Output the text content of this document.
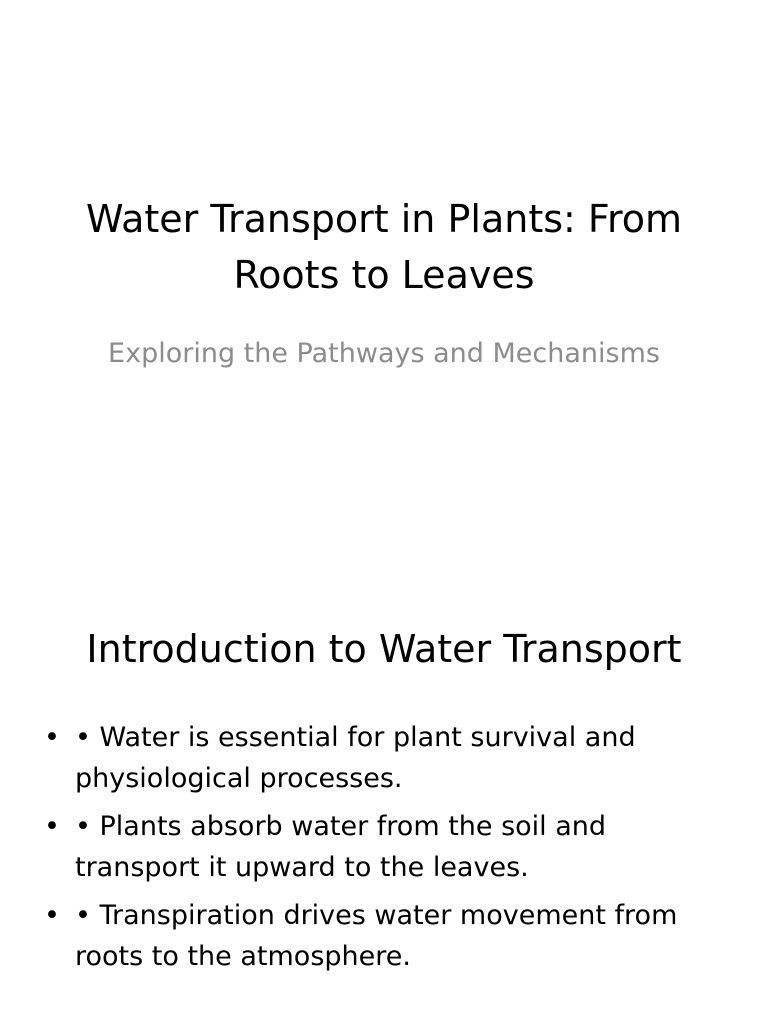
Water Transport in Plants: From Roots to Leaves

Exploring the Pathways and Mechanisms

Introduction to Water Transport
• • Water is essential for plant survival and physiological processes.
• • Plants absorb water from the soil and transport it upward to the leaves.
• • Transpiration drives water movement from roots to the atmosphere.
